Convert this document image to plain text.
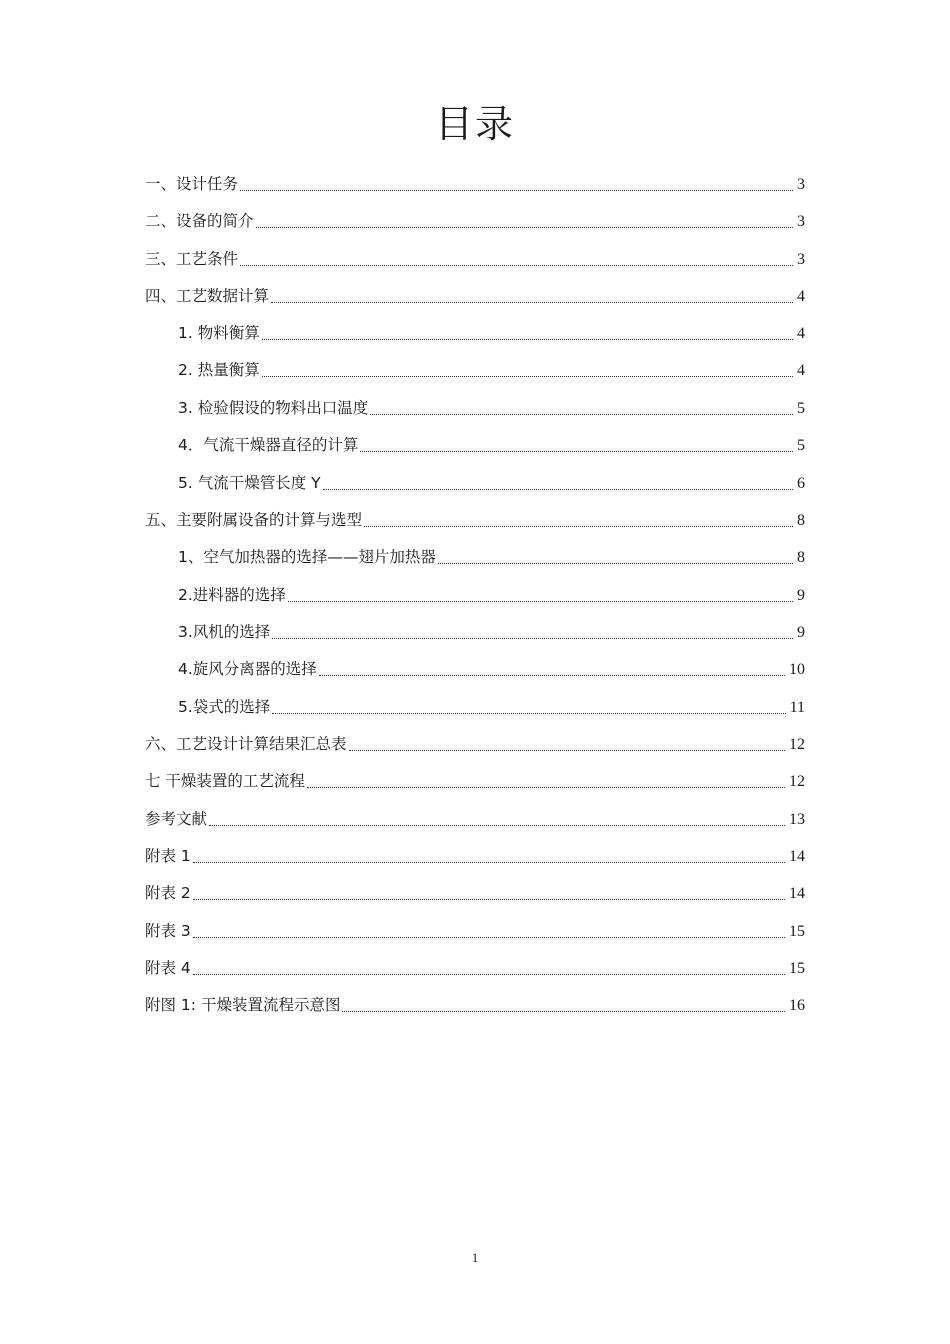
目录
一、设计任务	3
二、设备的简介	3
三、工艺条件	3
四、工艺数据计算	4
1. 物料衡算	4
2. 热量衡算	4
3. 检验假设的物料出口温度	5
4．气流干燥器直径的计算	5
5. 气流干燥管长度 Y	6
五、主要附属设备的计算与选型	8
1、空气加热器的选择——翅片加热器	8
2.进料器的选择	9
3.风机的选择	9
4.旋风分离器的选择	10
5.袋式的选择	11
六、工艺设计计算结果汇总表	12
七 干燥装置的工艺流程	12
参考文献	13
附表 1	14
附表 2	14
附表 3	15
附表 4	15
附图 1: 干燥装置流程示意图	16
1
